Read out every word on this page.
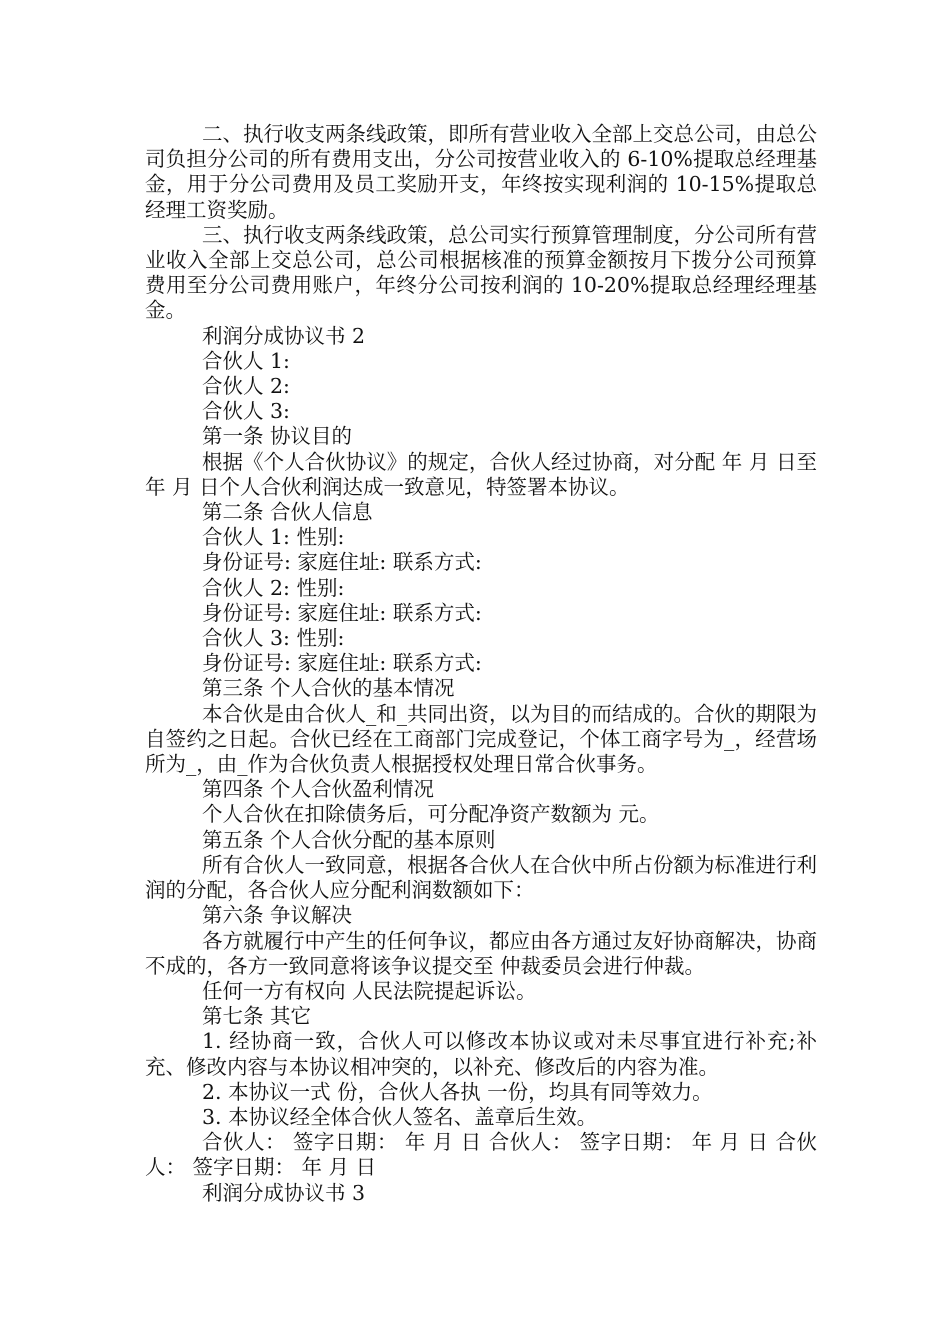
二、执行收支两条线政策，即所有营业收入全部上交总公司，由总公司负担分公司的所有费用支出，分公司按营业收入的 6-10%提取总经理基金，用于分公司费用及员工奖励开支，年终按实现利润的 10-15%提取总经理工资奖励。

三、执行收支两条线政策，总公司实行预算管理制度，分公司所有营业收入全部上交总公司，总公司根据核准的预算金额按月下拨分公司预算费用至分公司费用账户，年终分公司按利润的 10-20%提取总经理经理基金。

利润分成协议书 2

合伙人 1:

合伙人 2:

合伙人 3:

第一条 协议目的

根据《个人合伙协议》的规定，合伙人经过协商，对分配 年 月 日至 年 月 日个人合伙利润达成一致意见，特签署本协议。

第二条 合伙人信息

合伙人 1: 性别:

身份证号: 家庭住址: 联系方式:

合伙人 2: 性别:

身份证号: 家庭住址: 联系方式:

合伙人 3: 性别:

身份证号: 家庭住址: 联系方式:

第三条 个人合伙的基本情况

本合伙是由合伙人_和_共同出资，以为目的而结成的。合伙的期限为自签约之日起。合伙已经在工商部门完成登记，个体工商字号为_，经营场所为_，由_作为合伙负责人根据授权处理日常合伙事务。

第四条 个人合伙盈利情况

个人合伙在扣除债务后，可分配净资产数额为 元。

第五条 个人合伙分配的基本原则

所有合伙人一致同意，根据各合伙人在合伙中所占份额为标准进行利润的分配，各合伙人应分配利润数额如下：

第六条 争议解决

各方就履行中产生的任何争议，都应由各方通过友好协商解决，协商不成的，各方一致同意将该争议提交至 仲裁委员会进行仲裁。

任何一方有权向 人民法院提起诉讼。

第七条 其它

1. 经协商一致，合伙人可以修改本协议或对未尽事宜进行补充;补充、修改内容与本协议相冲突的，以补充、修改后的内容为准。

2. 本协议一式 份，合伙人各执 一份，均具有同等效力。

3. 本协议经全体合伙人签名、盖章后生效。

合伙人： 签字日期： 年 月 日 合伙人： 签字日期： 年 月 日 合伙人： 签字日期： 年 月 日

利润分成协议书 3
